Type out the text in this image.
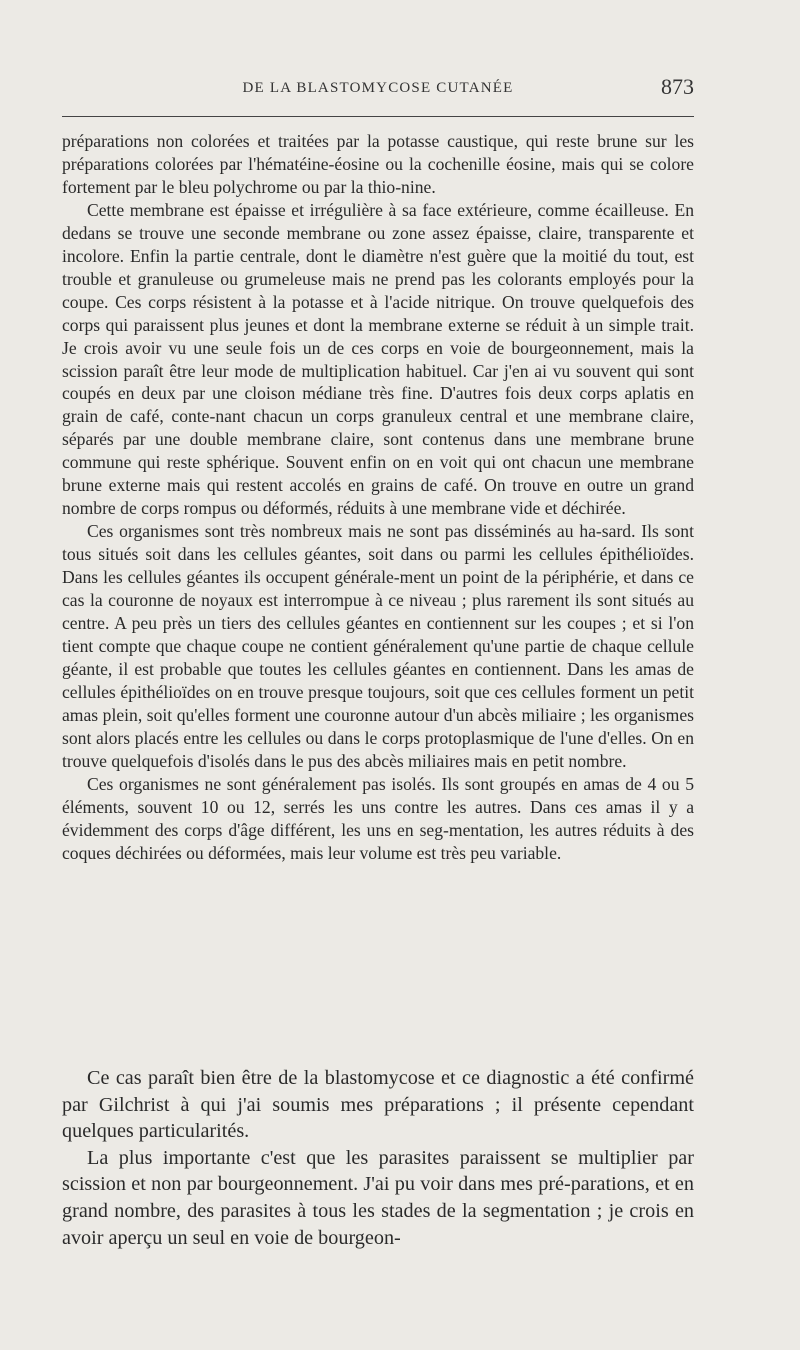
DE LA BLASTOMYCOSE CUTANÉE	873

préparations non colorées et traitées par la potasse caustique, qui reste brune sur les préparations colorées par l'hématéine-éosine ou la cochenille éosine, mais qui se colore fortement par le bleu polychrome ou par la thio-nine.

Cette membrane est épaisse et irrégulière à sa face extérieure, comme écailleuse. En dedans se trouve une seconde membrane ou zone assez épaisse, claire, transparente et incolore. Enfin la partie centrale, dont le diamètre n'est guère que la moitié du tout, est trouble et granuleuse ou grumeleuse mais ne prend pas les colorants employés pour la coupe. Ces corps résistent à la potasse et à l'acide nitrique. On trouve quelquefois des corps qui paraissent plus jeunes et dont la membrane externe se réduit à un simple trait. Je crois avoir vu une seule fois un de ces corps en voie de bourgeonnement, mais la scission paraît être leur mode de multiplication habituel. Car j'en ai vu souvent qui sont coupés en deux par une cloison médiane très fine. D'autres fois deux corps aplatis en grain de café, conte-nant chacun un corps granuleux central et une membrane claire, séparés par une double membrane claire, sont contenus dans une membrane brune commune qui reste sphérique. Souvent enfin on en voit qui ont chacun une membrane brune externe mais qui restent accolés en grains de café. On trouve en outre un grand nombre de corps rompus ou déformés, réduits à une membrane vide et déchirée.

Ces organismes sont très nombreux mais ne sont pas disséminés au ha-sard. Ils sont tous situés soit dans les cellules géantes, soit dans ou parmi les cellules épithélioïdes. Dans les cellules géantes ils occupent générale-ment un point de la périphérie, et dans ce cas la couronne de noyaux est interrompue à ce niveau ; plus rarement ils sont situés au centre. A peu près un tiers des cellules géantes en contiennent sur les coupes ; et si l'on tient compte que chaque coupe ne contient généralement qu'une partie de chaque cellule géante, il est probable que toutes les cellules géantes en contiennent. Dans les amas de cellules épithélioïdes on en trouve presque toujours, soit que ces cellules forment un petit amas plein, soit qu'elles forment une couronne autour d'un abcès miliaire ; les organismes sont alors placés entre les cellules ou dans le corps protoplasmique de l'une d'elles. On en trouve quelquefois d'isolés dans le pus des abcès miliaires mais en petit nombre.

Ces organismes ne sont généralement pas isolés. Ils sont groupés en amas de 4 ou 5 éléments, souvent 10 ou 12, serrés les uns contre les autres. Dans ces amas il y a évidemment des corps d'âge différent, les uns en seg-mentation, les autres réduits à des coques déchirées ou déformées, mais leur volume est très peu variable.

Ce cas paraît bien être de la blastomycose et ce diagnostic a été confirmé par Gilchrist à qui j'ai soumis mes préparations ; il présente cependant quelques particularités.

La plus importante c'est que les parasites paraissent se multiplier par scission et non par bourgeonnement. J'ai pu voir dans mes pré-parations, et en grand nombre, des parasites à tous les stades de la segmentation ; je crois en avoir aperçu un seul en voie de bourgeon-
